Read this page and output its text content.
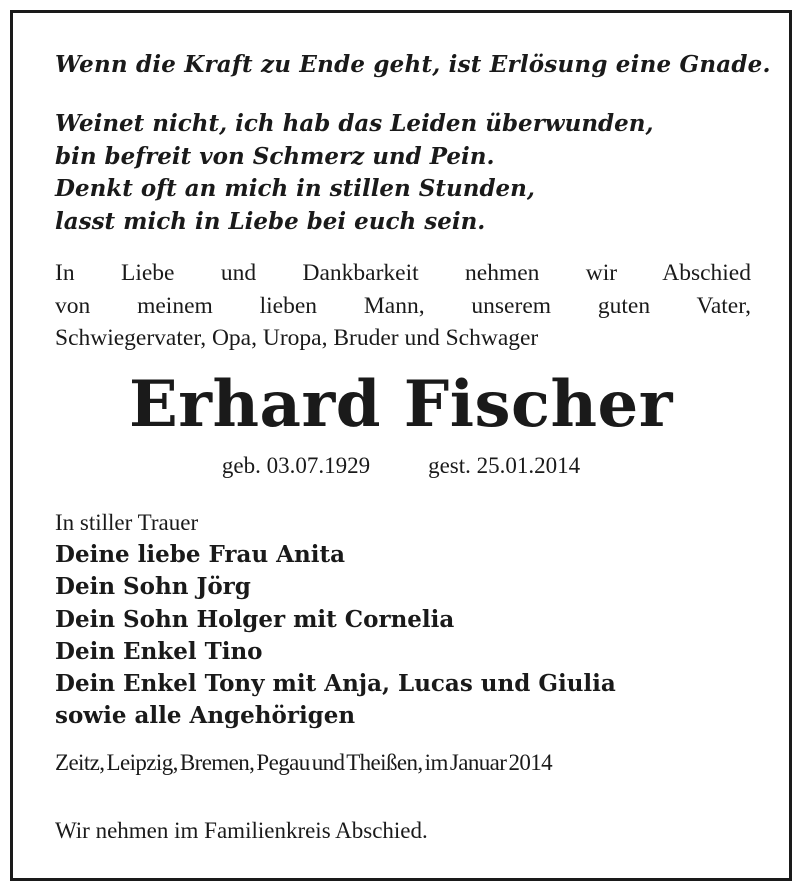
Wenn die Kraft zu Ende geht, ist Erlösung eine Gnade.
Weinet nicht, ich hab das Leiden überwunden,
bin befreit von Schmerz und Pein.
Denkt oft an mich in stillen Stunden,
lasst mich in Liebe bei euch sein.
In Liebe und Dankbarkeit nehmen wir Abschied
von meinem lieben Mann, unserem guten Vater,
Schwiegervater, Opa, Uropa, Bruder und Schwager
Erhard Fischer
geb. 03.07.1929	gest. 25.01.2014
In stiller Trauer
Deine liebe Frau Anita
Dein Sohn Jörg
Dein Sohn Holger mit Cornelia
Dein Enkel Tino
Dein Enkel Tony mit Anja, Lucas und Giulia
sowie alle Angehörigen
Zeitz, Leipzig, Bremen, Pegau und Theißen, im Januar 2014
Wir nehmen im Familienkreis Abschied.
